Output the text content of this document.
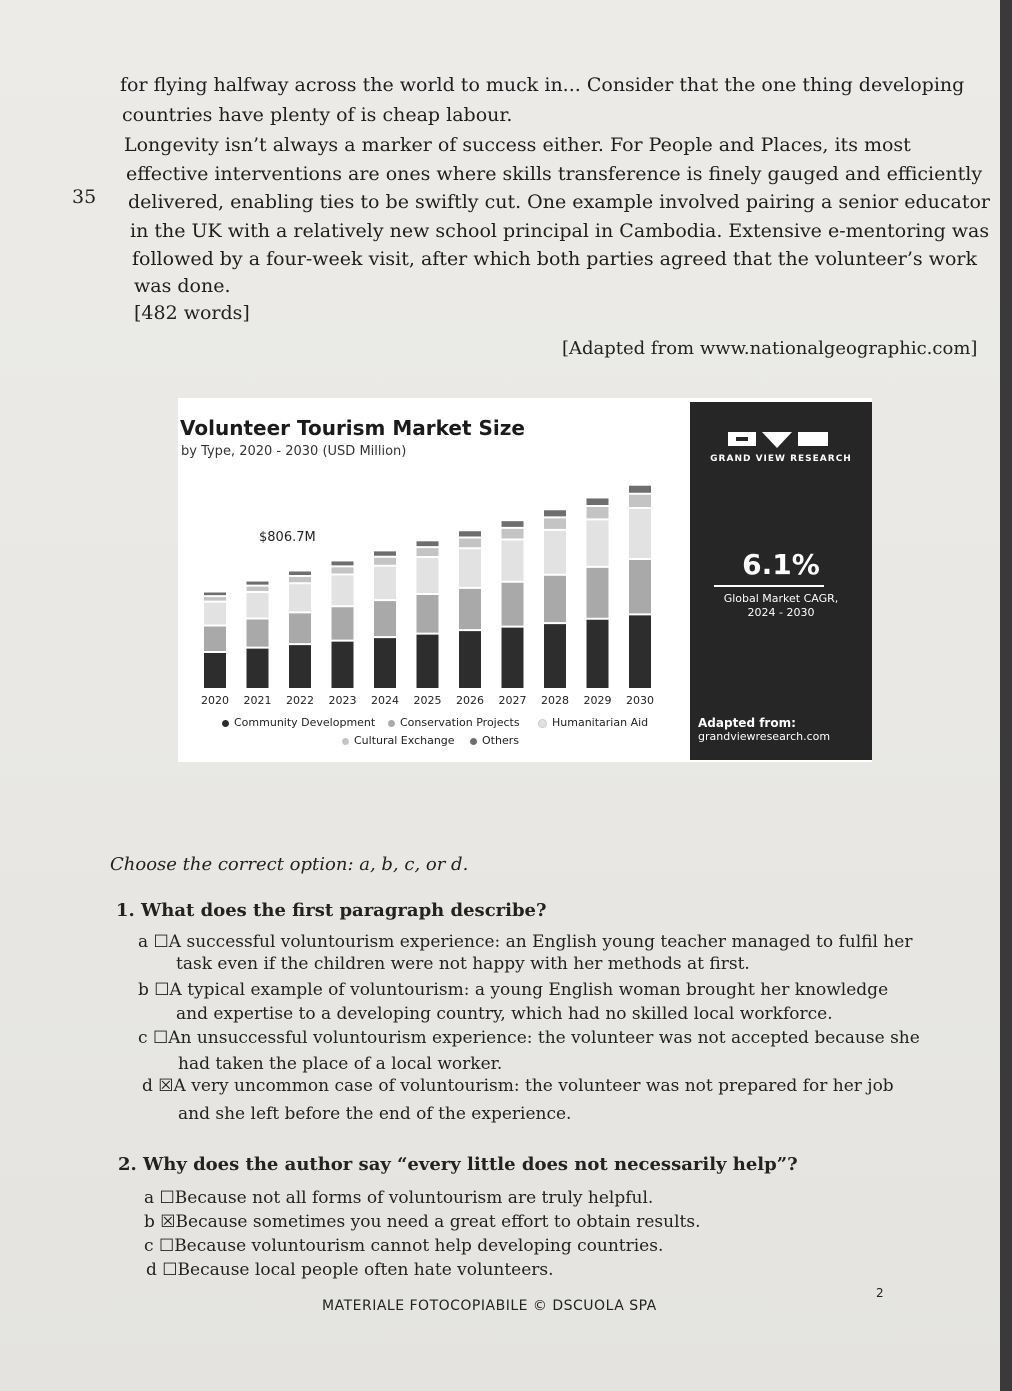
for flying halfway across the world to muck in... Consider that the one thing developing
countries have plenty of is cheap labour.
Longevity isn’t always a marker of success either. For People and Places, its most
effective interventions are ones where skills transference is finely gauged and efficiently
delivered, enabling ties to be swiftly cut. One example involved pairing a senior educator
in the UK with a relatively new school principal in Cambodia. Extensive e-mentoring was
followed by a four-week visit, after which both parties agreed that the volunteer’s work
was done.
35
[482 words]
[Adapted from www.nationalgeographic.com]
Volunteer Tourism Market Size
by Type, 2020 - 2030 (USD Million)
$806.7M
2020 2021 2022 2023 2024 2025 2026 2027 2028 2029 2030
Community Development	Conservation Projects	Humanitarian Aid
Cultural Exchange	Others
GRAND VIEW RESEARCH
6.1%
Global Market CAGR,
2024 - 2030
Adapted from:
grandviewresearch.com
Choose the correct option: a, b, c, or d.
1. What does the first paragraph describe?
a ☐A successful voluntourism experience: an English young teacher managed to fulfil her
task even if the children were not happy with her methods at first.
b ☐A typical example of voluntourism: a young English woman brought her knowledge
and expertise to a developing country, which had no skilled local workforce.
c ☐An unsuccessful voluntourism experience: the volunteer was not accepted because she
had taken the place of a local worker.
d ☒A very uncommon case of voluntourism: the volunteer was not prepared for her job
and she left before the end of the experience.
2. Why does the author say “every little does not necessarily help”?
a ☐Because not all forms of voluntourism are truly helpful.
b ☒Because sometimes you need a great effort to obtain results.
c ☐Because voluntourism cannot help developing countries.
d ☐Because local people often hate volunteers.
MATERIALE FOTOCOPIABILE © DSCUOLA SPA
2
